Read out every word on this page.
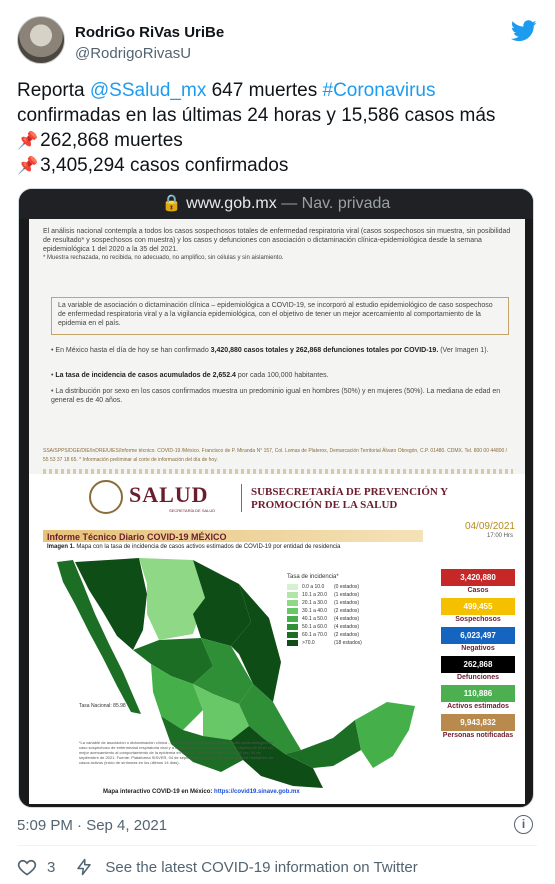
RodriGo RiVas UriBe
@RodrigoRivasU
Reporta @SSalud_mx 647 muertes #Coronavirus
confirmadas en las últimas 24 horas y 15,586 casos más
📌 262,868 muertes
📌 3,405,294 casos confirmados
🔒 www.gob.mx — Nav. privada

El análisis nacional contempla a todos los casos sospechosos totales de enfermedad respiratoria viral (casos sospechosos sin muestra, sin posibilidad de resultado* y sospechosos con muestra) y los casos y defunciones con asociación o dictaminación clínica-epidemiológica desde la semana epidemiológica 1 del 2020 a la 35 del 2021.

* Muestra rechazada, no recibida, no adecuado, no amplifico, sin células y sin aislamiento.

La variable de asociación o dictaminación clínica – epidemiológica a COVID-19, se incorporó al estudio epidemiológico de caso sospechoso de enfermedad respiratoria viral y a la vigilancia epidemiológica, con el objetivo de tener un mejor acercamiento al comportamiento de la epidemia en el país.

• En México hasta el día de hoy se han confirmado 3,420,880 casos totales y 262,868 defunciones totales por COVID-19. (Ver Imagen 1).

• La tasa de incidencia de casos acumulados de 2,652.4 por cada 100,000 habitantes.

• La distribución por sexo en los casos confirmados muestra un predominio igual en hombres (50%) y en mujeres (50%). La mediana de edad en general es de 40 años.

SSA/SPPS/DGE/DIE/InDRE/UIES/Informe técnico. COVID-19 /México. Francisco de P. Miranda N° 157, Col. Lomas de Plateros, Demarcación Territorial Álvaro Obregón, C.P. 01480. CDMX. Tel. 800 00 44800 / 55 53 37 18 65. * Información preliminar al corte de información del día de hoy.

SALUD
SECRETARÍA DE SALUD
SUBSECRETARÍA DE PREVENCIÓN Y
PROMOCIÓN DE LA SALUD
Informe Técnico Diario COVID-19 MÉXICO
04/09/2021
17:00 Hrs
Imagen 1. Mapa con la tasa de incidencia de casos activos estimados de COVID-19 por entidad de residencia
Tasa de incidencia*
0.0 a 10.0	(0 estados)
10.1 a 20.0	(1 estados)
20.1 a 30.0	(1 estados)
30.1 a 40.0	(2 estados)
40.1 a 50.0	(4 estados)
50.1 a 60.0	(4 estados)
60.1 a 70.0	(2 estados)
>70.0	(18 estados)
Tasa Nacional: 85.98
*La variable de asociación o dictaminación clínica - epidemiológica, se incorporó al estudio epidemiológico de caso sospechoso de enfermedad respiratoria viral y a la vigilancia epidemiológica, con el objetivo de tener un mejor acercamiento al comportamiento de la epidemia en el país. Corte con corte a la 18:00 hrs, 04 de septiembre de 2021. Fuente: Plataforma SISVER, 04 de septiembre de 2021. *Tasa por 100 mil habitantes de casos activos (inicio de síntomas en los últimos 14 días).
Mapa interactivo COVID-19 en México: https://covid19.sinave.gob.mx
3,420,880
Casos
499,455
Sospechosos
6,023,497
Negativos
262,868
Defunciones
110,886
Activos estimados
9,943,832
Personas notificadas
5:09 PM · Sep 4, 2021	i
3	See the latest COVID-19 information on Twitter
